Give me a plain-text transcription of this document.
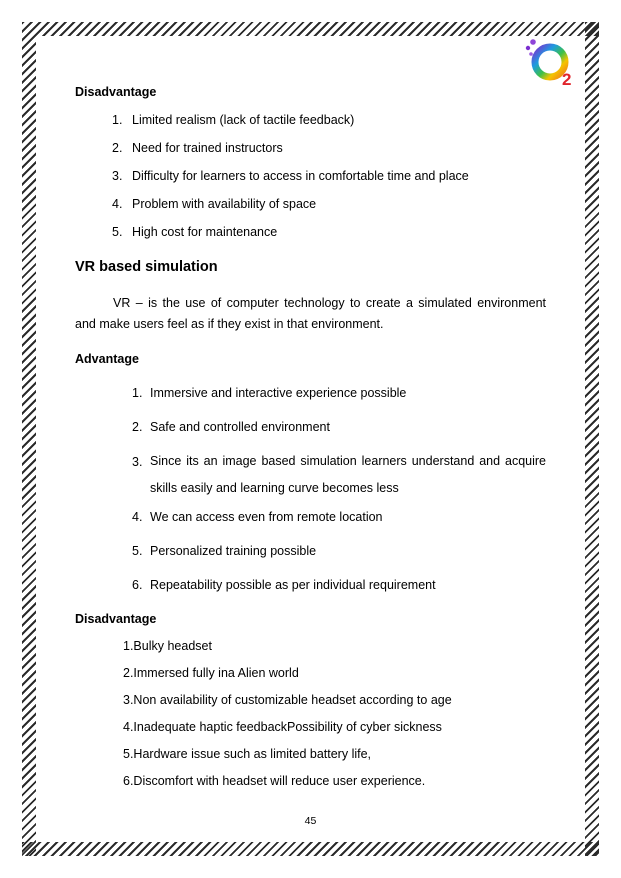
2
Disadvantage
1. Limited realism (lack of tactile feedback)
2. Need for trained instructors
3. Difficulty for learners to access in comfortable time and place
4. Problem with availability of space
5. High cost for maintenance
VR based simulation
VR – is the use of computer technology to create a simulated environment and make users feel as if they exist in that environment.
Advantage
1. Immersive and interactive experience possible
2. Safe and controlled environment
3. Since its an image based simulation learners understand and acquire skills easily and learning curve becomes less
4. We can access even from remote location
5. Personalized training possible
6. Repeatability possible as per individual requirement
Disadvantage
1.Bulky headset
2.Immersed fully ina Alien world
3.Non availability of customizable headset according to age
4.Inadequate haptic feedbackPossibility of cyber sickness
5.Hardware issue such as limited battery life,
6.Discomfort with headset will reduce user experience.
45
